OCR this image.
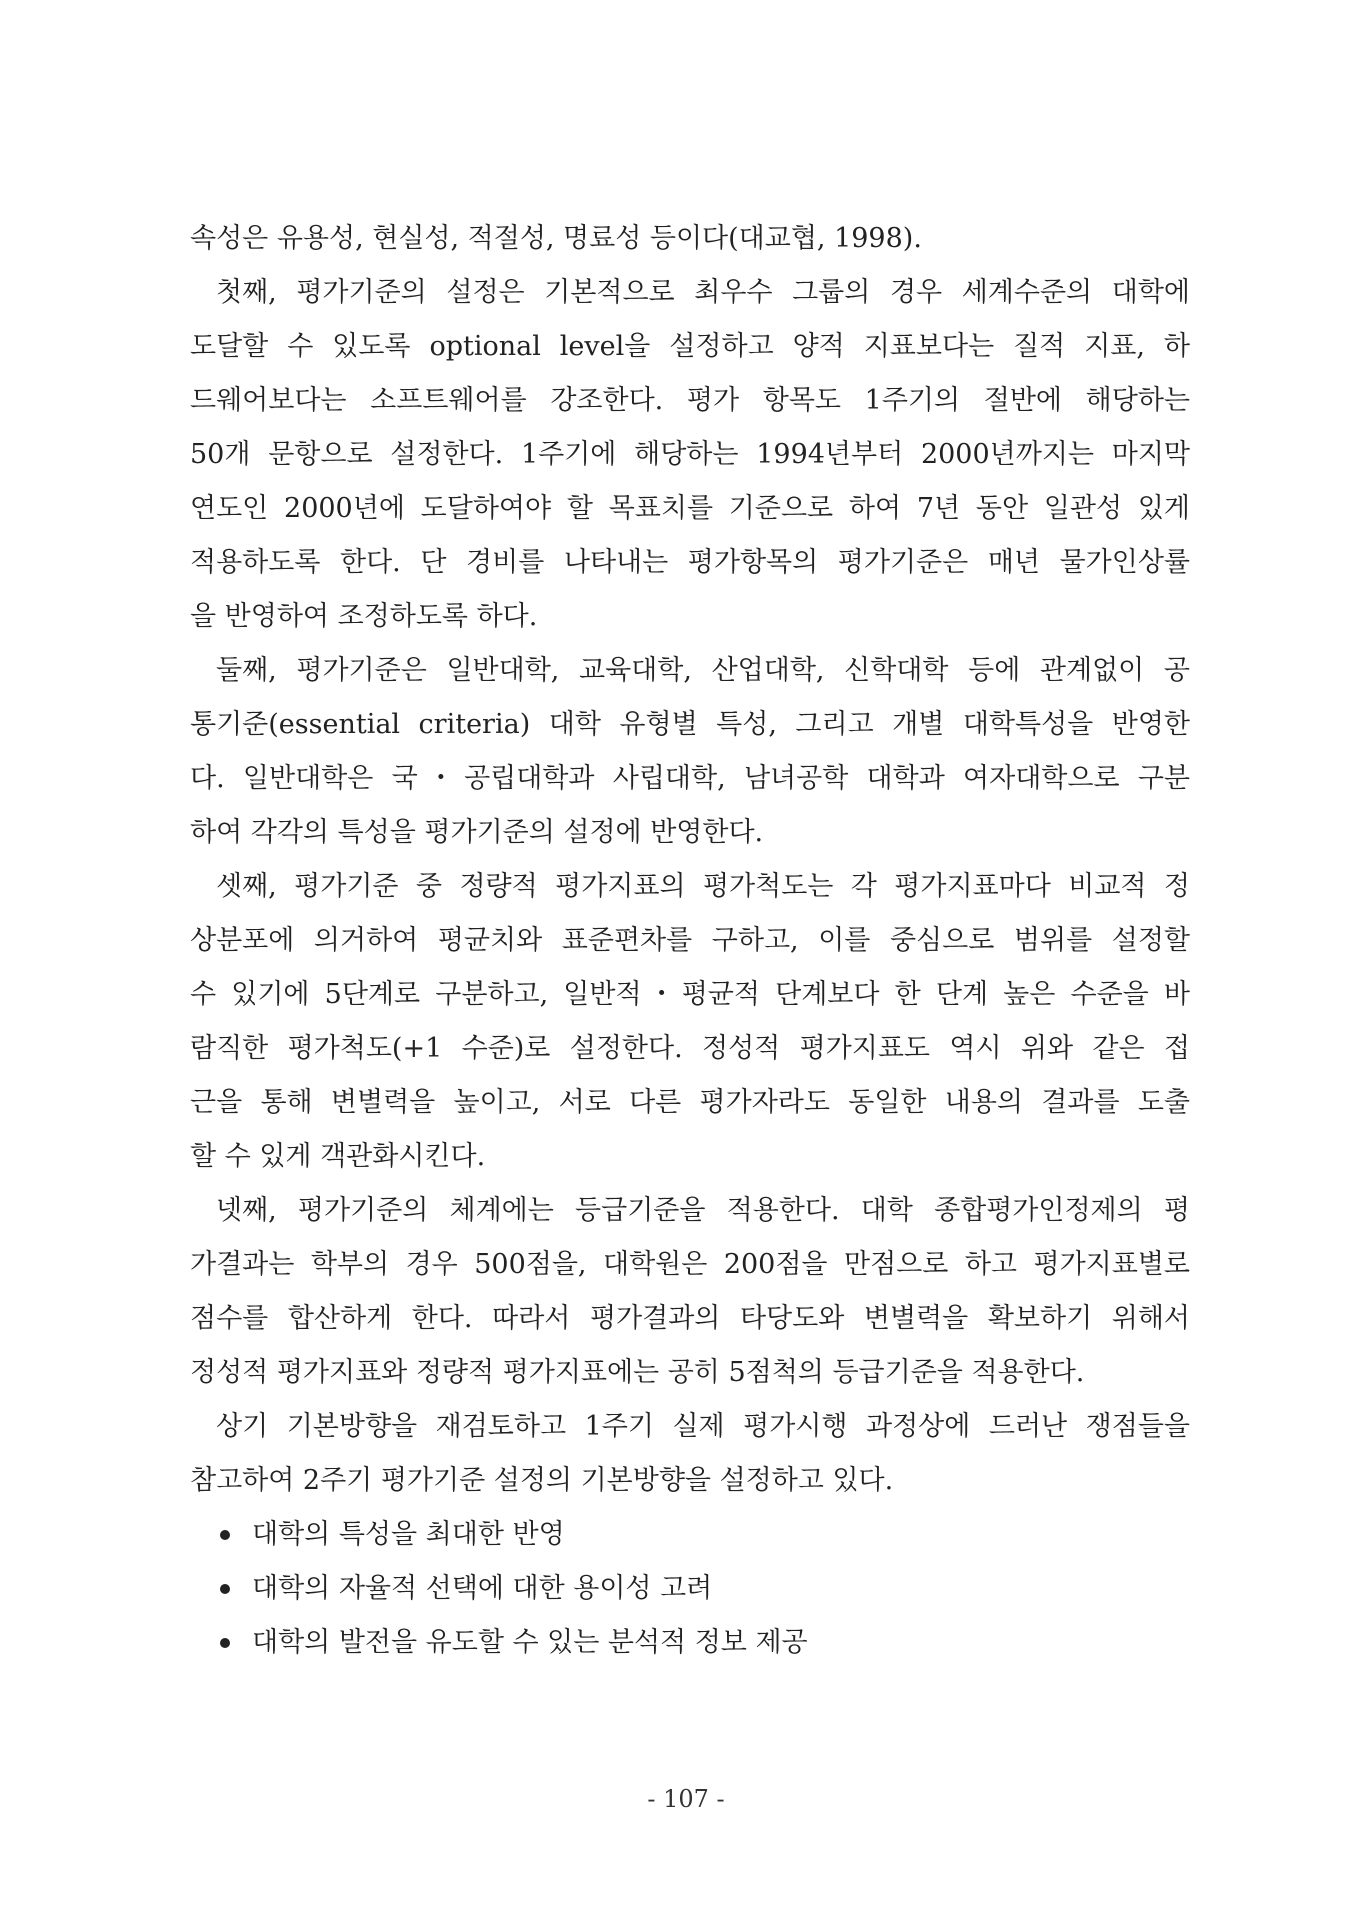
속성은 유용성, 현실성, 적절성, 명료성 등이다(대교협, 1998).
첫째, 평가기준의 설정은 기본적으로 최우수 그룹의 경우 세계수준의 대학에
도달할 수 있도록 optional level을 설정하고 양적 지표보다는 질적 지표, 하
드웨어보다는 소프트웨어를 강조한다. 평가 항목도 1주기의 절반에 해당하는
50개 문항으로 설정한다. 1주기에 해당하는 1994년부터 2000년까지는 마지막
연도인 2000년에 도달하여야 할 목표치를 기준으로 하여 7년 동안 일관성 있게
적용하도록 한다. 단 경비를 나타내는 평가항목의 평가기준은 매년 물가인상률
을 반영하여 조정하도록 하다.
둘째, 평가기준은 일반대학, 교육대학, 산업대학, 신학대학 등에 관계없이 공
통기준(essential criteria) 대학 유형별 특성, 그리고 개별 대학특성을 반영한
다. 일반대학은 국・공립대학과 사립대학, 남녀공학 대학과 여자대학으로 구분
하여 각각의 특성을 평가기준의 설정에 반영한다.
셋째, 평가기준 중 정량적 평가지표의 평가척도는 각 평가지표마다 비교적 정
상분포에 의거하여 평균치와 표준편차를 구하고, 이를 중심으로 범위를 설정할
수 있기에 5단계로 구분하고, 일반적・평균적 단계보다 한 단계 높은 수준을 바
람직한 평가척도(+1 수준)로 설정한다. 정성적 평가지표도 역시 위와 같은 접
근을 통해 변별력을 높이고, 서로 다른 평가자라도 동일한 내용의 결과를 도출
할 수 있게 객관화시킨다.
넷째, 평가기준의 체계에는 등급기준을 적용한다. 대학 종합평가인정제의 평
가결과는 학부의 경우 500점을, 대학원은 200점을 만점으로 하고 평가지표별로
점수를 합산하게 한다. 따라서 평가결과의 타당도와 변별력을 확보하기 위해서
정성적 평가지표와 정량적 평가지표에는 공히 5점척의 등급기준을 적용한다.
상기 기본방향을 재검토하고 1주기 실제 평가시행 과정상에 드러난 쟁점들을
참고하여 2주기 평가기준 설정의 기본방향을 설정하고 있다.
대학의 특성을 최대한 반영
대학의 자율적 선택에 대한 용이성 고려
대학의 발전을 유도할 수 있는 분석적 정보 제공
- 107 -
